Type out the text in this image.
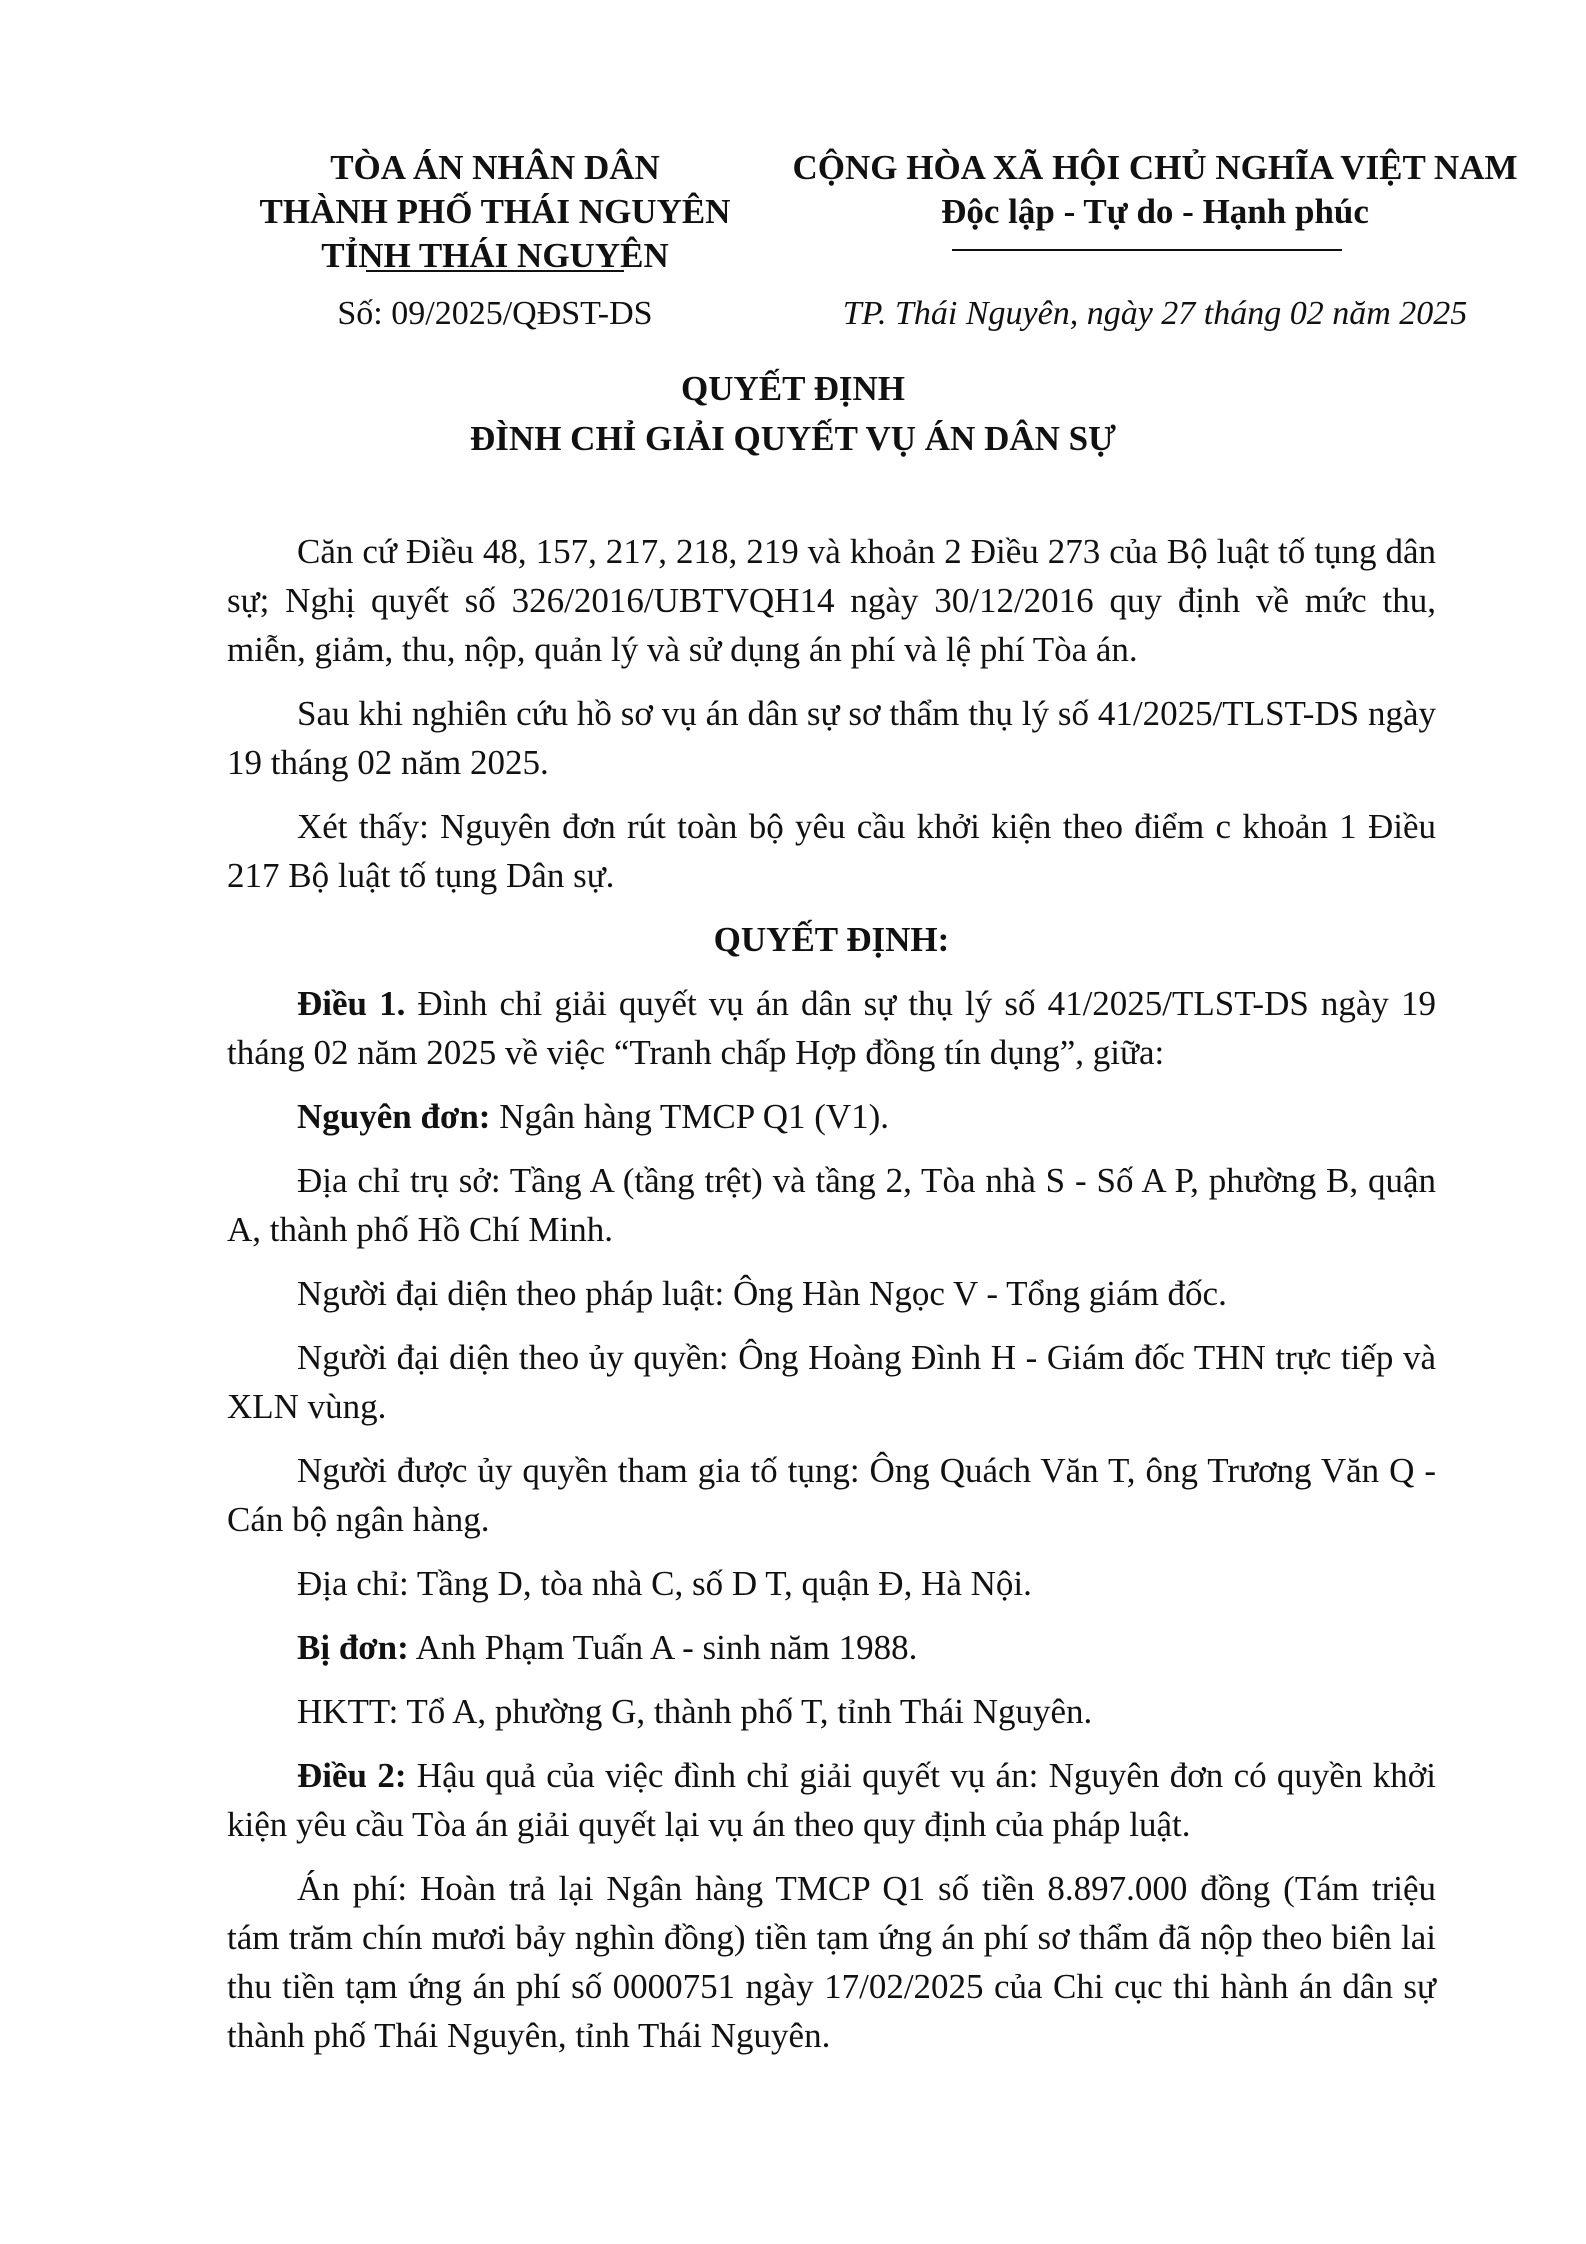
TÒA ÁN NHÂN DÂN
THÀNH PHỐ THÁI NGUYÊN
TỈNH THÁI NGUYÊN
CỘNG HÒA XÃ HỘI CHỦ NGHĨA VIỆT NAM
Độc lập - Tự do - Hạnh phúc
Số: 09/2025/QĐST-DS	TP. Thái Nguyên, ngày 27 tháng 02 năm 2025
QUYẾT ĐỊNH
ĐÌNH CHỈ GIẢI QUYẾT VỤ ÁN DÂN SỰ

Căn cứ Điều 48, 157, 217, 218, 219 và khoản 2 Điều 273 của Bộ luật tố tụng dân sự; Nghị quyết số 326/2016/UBTVQH14 ngày 30/12/2016 quy định về mức thu, miễn, giảm, thu, nộp, quản lý và sử dụng án phí và lệ phí Tòa án.

Sau khi nghiên cứu hồ sơ vụ án dân sự sơ thẩm thụ lý số 41/2025/TLST-DS ngày 19 tháng 02 năm 2025.

Xét thấy: Nguyên đơn rút toàn bộ yêu cầu khởi kiện theo điểm c khoản 1 Điều 217 Bộ luật tố tụng Dân sự.

QUYẾT ĐỊNH:

Điều 1. Đình chỉ giải quyết vụ án dân sự thụ lý số 41/2025/TLST-DS ngày 19 tháng 02 năm 2025 về việc “Tranh chấp Hợp đồng tín dụng”, giữa:

Nguyên đơn: Ngân hàng TMCP Q1 (V1).

Địa chỉ trụ sở: Tầng A (tầng trệt) và tầng 2, Tòa nhà S - Số A P, phường B, quận A, thành phố Hồ Chí Minh.

Người đại diện theo pháp luật: Ông Hàn Ngọc V - Tổng giám đốc.

Người đại diện theo ủy quyền: Ông Hoàng Đình H - Giám đốc THN trực tiếp và XLN vùng.

Người được ủy quyền tham gia tố tụng: Ông Quách Văn T, ông Trương Văn Q - Cán bộ ngân hàng.

Địa chỉ: Tầng D, tòa nhà C, số D T, quận Đ, Hà Nội.

Bị đơn: Anh Phạm Tuấn A - sinh năm 1988.

HKTT: Tổ A, phường G, thành phố T, tỉnh Thái Nguyên.

Điều 2: Hậu quả của việc đình chỉ giải quyết vụ án: Nguyên đơn có quyền khởi kiện yêu cầu Tòa án giải quyết lại vụ án theo quy định của pháp luật.

Án phí: Hoàn trả lại Ngân hàng TMCP Q1 số tiền 8.897.000 đồng (Tám triệu tám trăm chín mươi bảy nghìn đồng) tiền tạm ứng án phí sơ thẩm đã nộp theo biên lai thu tiền tạm ứng án phí số 0000751 ngày 17/02/2025 của Chi cục thi hành án dân sự thành phố Thái Nguyên, tỉnh Thái Nguyên.
